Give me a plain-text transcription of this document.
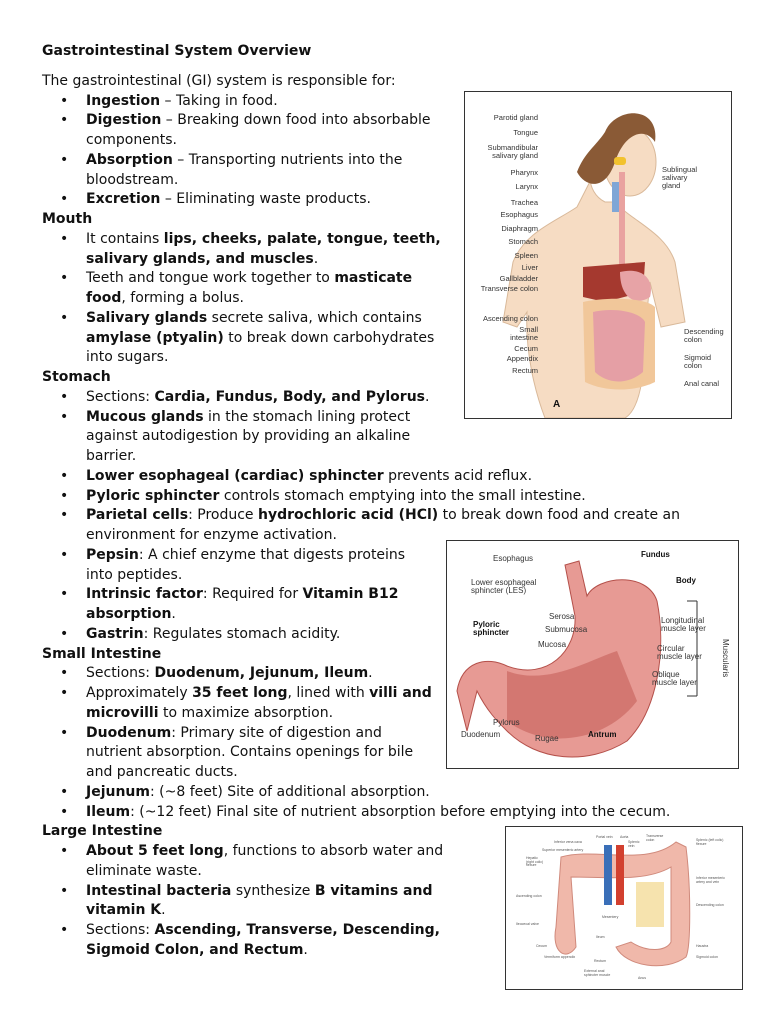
Gastrointestinal System Overview
The gastrointestinal (GI) system is responsible for:
• Ingestion – Taking in food.
• Digestion – Breaking down food into absorbable components.
• Absorption – Transporting nutrients into the bloodstream.
• Excretion – Eliminating waste products.
Mouth
• It contains lips, cheeks, palate, tongue, teeth, salivary glands, and muscles.
• Teeth and tongue work together to masticate food, forming a bolus.
• Salivary glands secrete saliva, which contains amylase (ptyalin) to break down carbohydrates into sugars.
Stomach
• Sections: Cardia, Fundus, Body, and Pylorus.
• Mucous glands in the stomach lining protect against autodigestion by providing an alkaline barrier.
• Lower esophageal (cardiac) sphincter prevents acid reflux.
• Pyloric sphincter controls stomach emptying into the small intestine.
• Parietal cells: Produce hydrochloric acid (HCl) to break down food and create an environment for enzyme activation.
• Pepsin: A chief enzyme that digests proteins into peptides.
• Intrinsic factor: Required for Vitamin B12 absorption.
• Gastrin: Regulates stomach acidity.
Small Intestine
• Sections: Duodenum, Jejunum, Ileum.
• Approximately 35 feet long, lined with villi and microvilli to maximize absorption.
• Duodenum: Primary site of digestion and nutrient absorption. Contains openings for bile and pancreatic ducts.
• Jejunum: (~8 feet) Site of additional absorption.
• Ileum: (~12 feet) Final site of nutrient absorption before emptying into the cecum.
Large Intestine
• About 5 feet long, functions to absorb water and eliminate waste.
• Intestinal bacteria synthesize B vitamins and vitamin K.
• Sections: Ascending, Transverse, Descending, Sigmoid Colon, and Rectum.
Parotid gland
Tongue
Submandibular
salivary gland
Pharynx
Larynx
Trachea
Esophagus
Diaphragm
Stomach
Spleen
Liver
Gallbladder
Transverse colon
Ascending colon
Small
intestine
Cecum
Appendix
Rectum
Sublingual
salivary
gland
Descending
colon
Sigmoid
colon
Anal canal
A
Esophagus
Lower esophageal
sphincter (LES)
Fundus
Body
Serosa
Pyloric
sphincter	Submucosa
Mucosa
Longitudinal
muscle layer
Circular
muscle layer
Oblique
muscle layer
Muscularis
Pylorus
Duodenum	Rugae	Antrum
Portal vein Aorta
Splenic
vein
Transverse
colon
Inferior vena cava
Superior mesenteric artery
Hepatic
(right colic)
flexure
Splenic (left colic)
flexure
Inferior mesenteric
artery and vein
Ascending colon
Descending colon
Mesentery
Ileocecal valve
Ileum
Cecum	Haustra
Vermiform appendix	Sigmoid colon
Rectum
External anal
sphincter muscle
Anus
